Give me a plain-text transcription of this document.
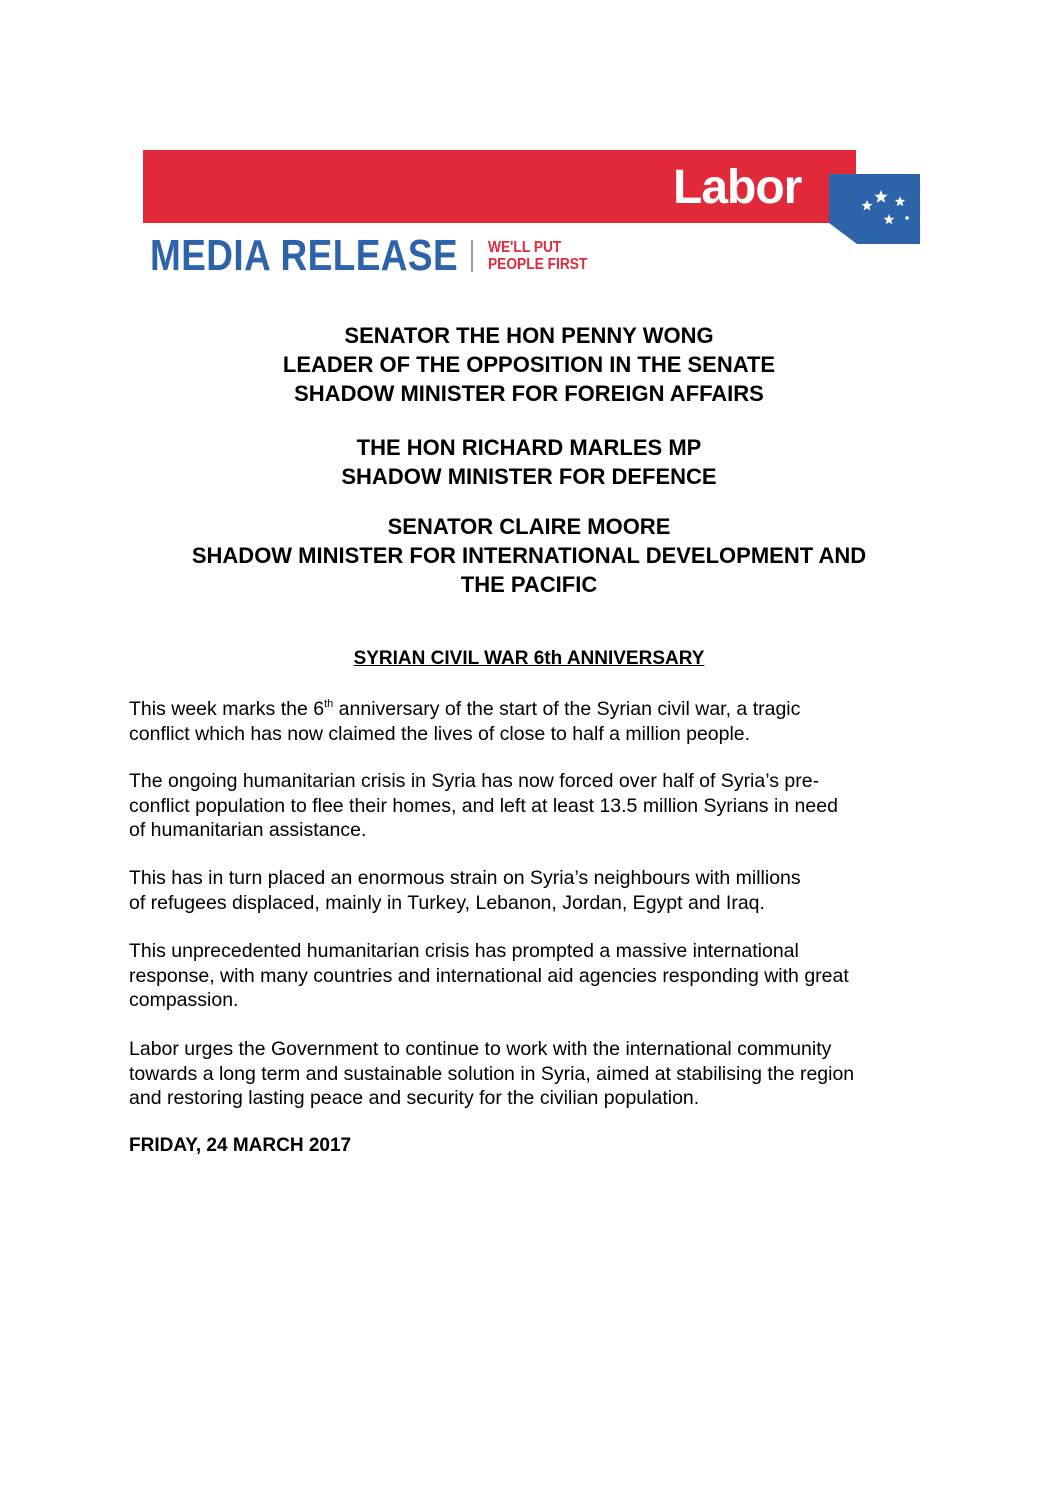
Labor
MEDIA RELEASE WE'LL PUT
PEOPLE FIRST
SENATOR THE HON PENNY WONG
LEADER OF THE OPPOSITION IN THE SENATE
SHADOW MINISTER FOR FOREIGN AFFAIRS
THE HON RICHARD MARLES MP
SHADOW MINISTER FOR DEFENCE
SENATOR CLAIRE MOORE
SHADOW MINISTER FOR INTERNATIONAL DEVELOPMENT AND
THE PACIFIC
SYRIAN CIVIL WAR 6th ANNIVERSARY
This week marks the 6th anniversary of the start of the Syrian civil war, a tragic
conflict which has now claimed the lives of close to half a million people.
The ongoing humanitarian crisis in Syria has now forced over half of Syria’s pre-
conflict population to flee their homes, and left at least 13.5 million Syrians in need
of humanitarian assistance.
This has in turn placed an enormous strain on Syria’s neighbours with millions
of refugees displaced, mainly in Turkey, Lebanon, Jordan, Egypt and Iraq.
This unprecedented humanitarian crisis has prompted a massive international
response, with many countries and international aid agencies responding with great
compassion.
Labor urges the Government to continue to work with the international community
towards a long term and sustainable solution in Syria, aimed at stabilising the region
and restoring lasting peace and security for the civilian population.
FRIDAY, 24 MARCH 2017
